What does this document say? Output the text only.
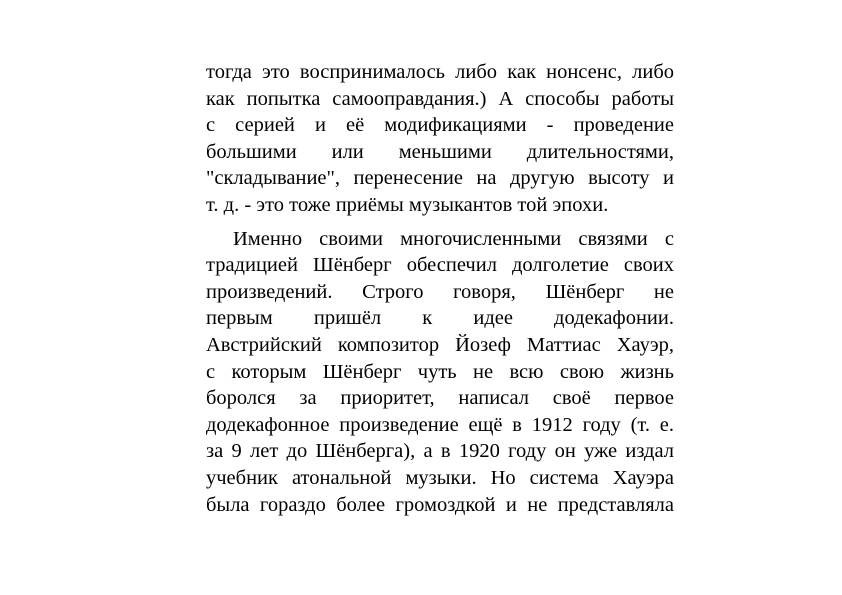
тогда это воспринималось либо как нонсенс, либо
как попытка самооправдания.) А способы работы
с серией и её модификациями - проведение
большими или меньшими длительностями,
"складывание", перенесение на другую высоту и
т. д. - это тоже приёмы музыкантов той эпохи.
Именно своими многочисленными связями с
традицией Шёнберг обеспечил долголетие своих
произведений. Строго говоря, Шёнберг не
первым пришёл к идее додекафонии.
Австрийский композитор Йозеф Маттиас Хауэр,
с которым Шёнберг чуть не всю свою жизнь
боролся за приоритет, написал своё первое
додекафонное произведение ещё в 1912 году (т. е.
за 9 лет до Шёнберга), а в 1920 году он уже издал
учебник атональной музыки. Но система Хауэра
была гораздо более громоздкой и не представляла
